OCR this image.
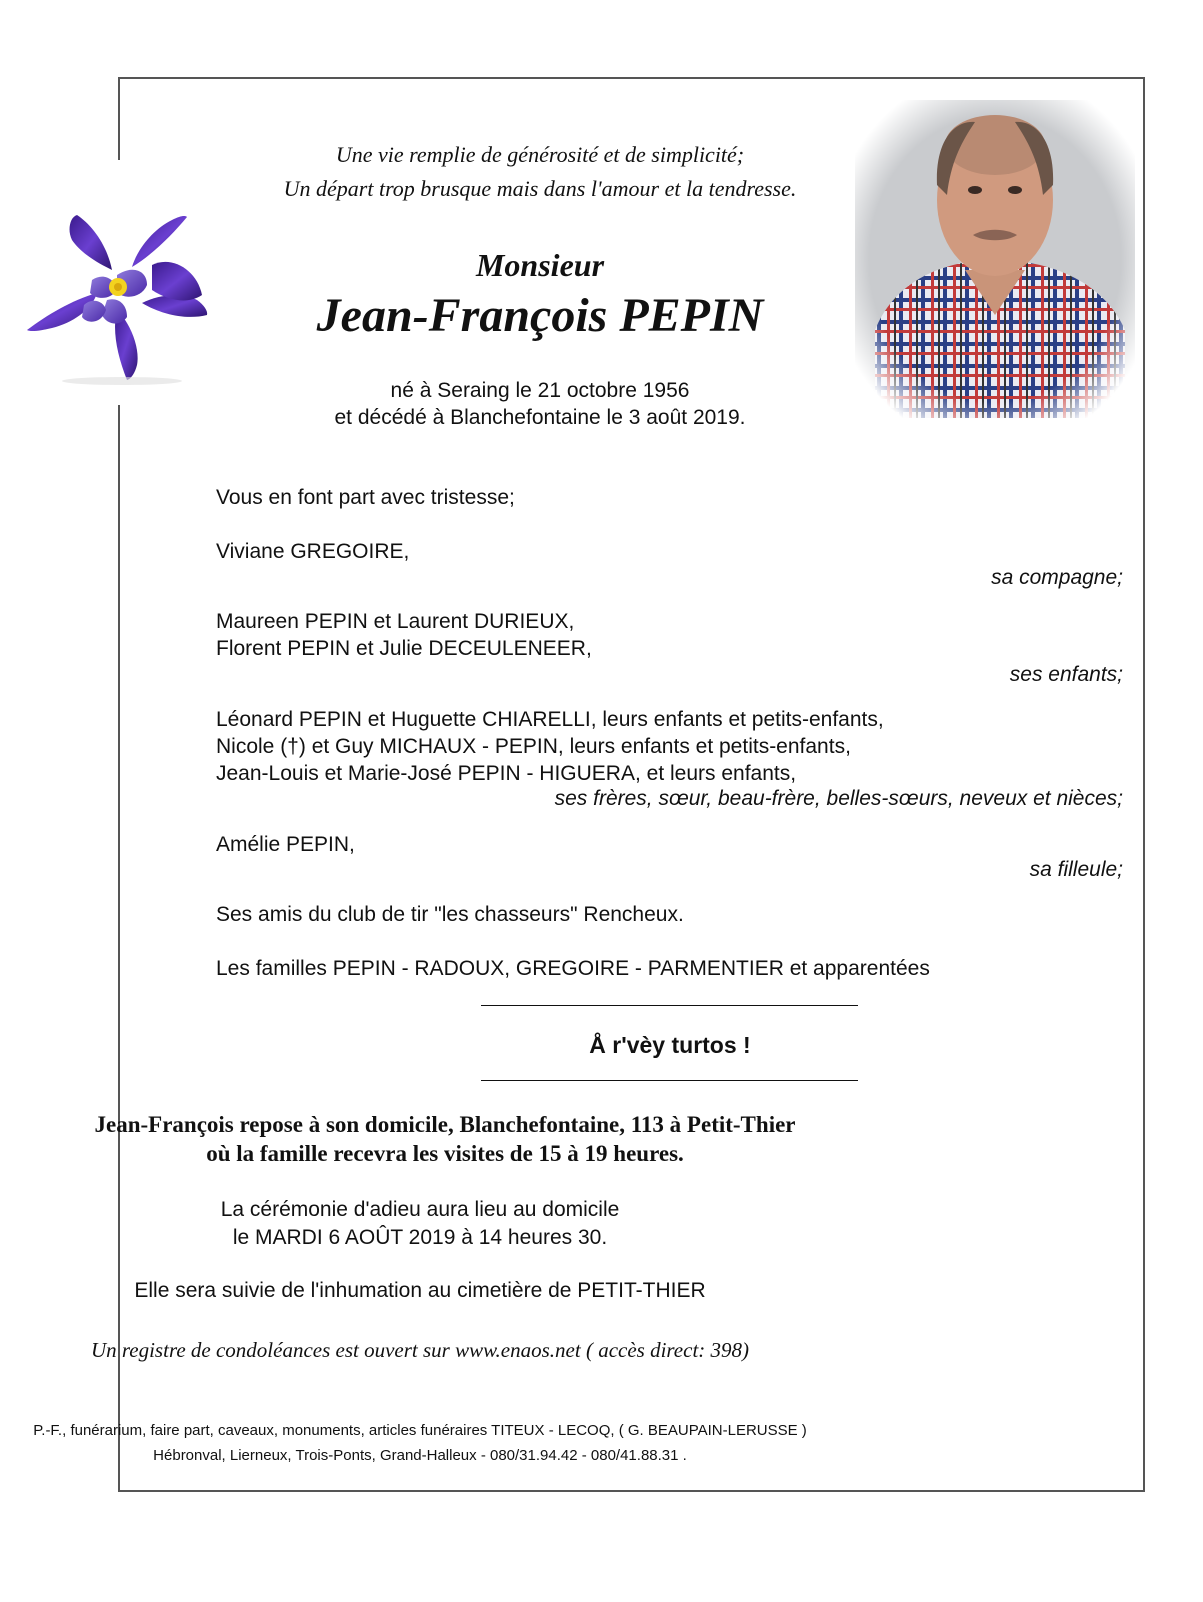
Une vie remplie de générosité et de simplicité;
Un départ trop brusque mais dans l'amour et la tendresse.
Monsieur
Jean-François PEPIN
né à Seraing le 21 octobre 1956
et décédé à Blanchefontaine le 3 août 2019.
Vous en font part avec tristesse;
Viviane GREGOIRE,
sa compagne;
Maureen PEPIN et Laurent DURIEUX,
Florent PEPIN et Julie DECEULENEER,
ses enfants;
Léonard PEPIN et Huguette CHIARELLI, leurs enfants et petits-enfants,
Nicole (†) et Guy MICHAUX - PEPIN, leurs enfants et petits-enfants,
Jean-Louis et Marie-José PEPIN - HIGUERA, et leurs enfants,
ses frères, sœur, beau-frère, belles-sœurs, neveux et nièces;
Amélie PEPIN,
sa filleule;
Ses amis du club de tir "les chasseurs" Rencheux.
Les familles PEPIN - RADOUX, GREGOIRE - PARMENTIER et apparentées
Å r'vèy turtos !
Jean-François repose à son domicile, Blanchefontaine, 113 à Petit-Thier
où la famille recevra les visites de 15 à 19 heures.
La cérémonie d'adieu aura lieu au domicile
le MARDI 6 AOÛT 2019 à 14 heures 30.
Elle sera suivie de l'inhumation au cimetière de PETIT-THIER
Un registre de condoléances est ouvert sur www.enaos.net ( accès direct: 398)
P.-F., funérarium, faire part, caveaux, monuments, articles funéraires TITEUX - LECOQ, ( G. BEAUPAIN-LERUSSE )
Hébronval, Lierneux, Trois-Ponts, Grand-Halleux - 080/31.94.42 - 080/41.88.31 .
